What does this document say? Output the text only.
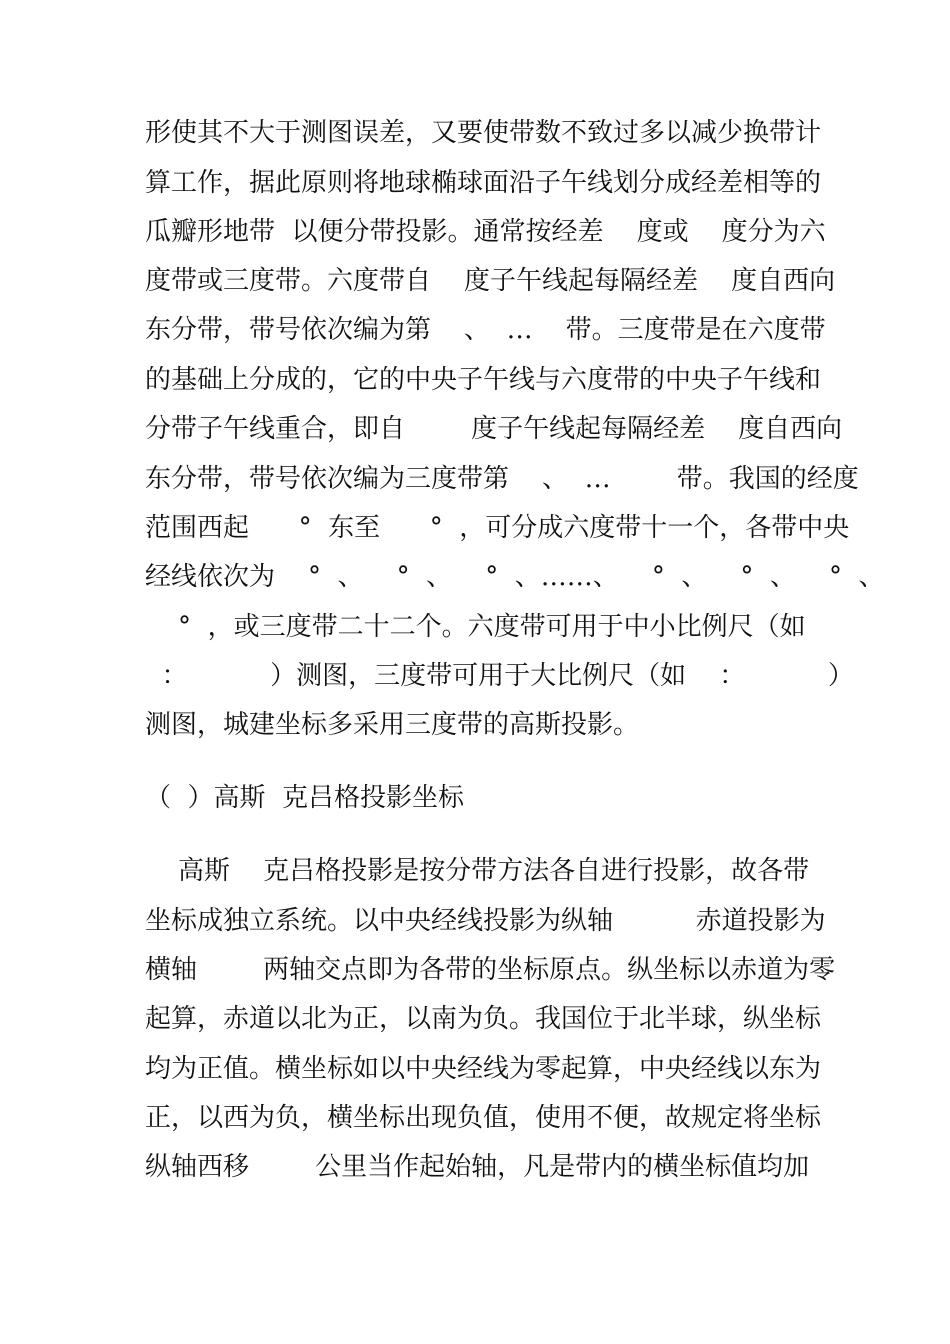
形使其不大于测图误差，又要使带数不致过多以减少换带计
算工作，据此原则将地球椭球面沿子午线划分成经差相等的
瓜瓣形地带  以便分带投影。通常按经差    度或    度分为六
度带或三度带。六度带自    度子午线起每隔经差    度自西向
东分带，带号依次编为第    、  …    带。三度带是在六度带
的基础上分成的，它的中央子午线与六度带的中央子午线和
分带子午线重合，即自        度子午线起每隔经差    度自西向
东分带，带号依次编为三度带第    、  …        带。我国的经度
范围西起      °  东至      °  ，可分成六度带十一个，各带中央
经线依次为    °  、    °  、    °  、……、    °  、    °  、    °  、
°  ，或三度带二十二个。六度带可用于中小比例尺（如
：          ）测图，三度带可用于大比例尺（如    ：          ）
测图，城建坐标多采用三度带的高斯投影。
（  ）高斯  克吕格投影坐标
高斯    克吕格投影是按分带方法各自进行投影，故各带
坐标成独立系统。以中央经线投影为纵轴          赤道投影为
横轴        两轴交点即为各带的坐标原点。纵坐标以赤道为零
起算，赤道以北为正，以南为负。我国位于北半球，纵坐标
均为正值。横坐标如以中央经线为零起算，中央经线以东为
正，以西为负，横坐标出现负值，使用不便，故规定将坐标
纵轴西移        公里当作起始轴，凡是带内的横坐标值均加
